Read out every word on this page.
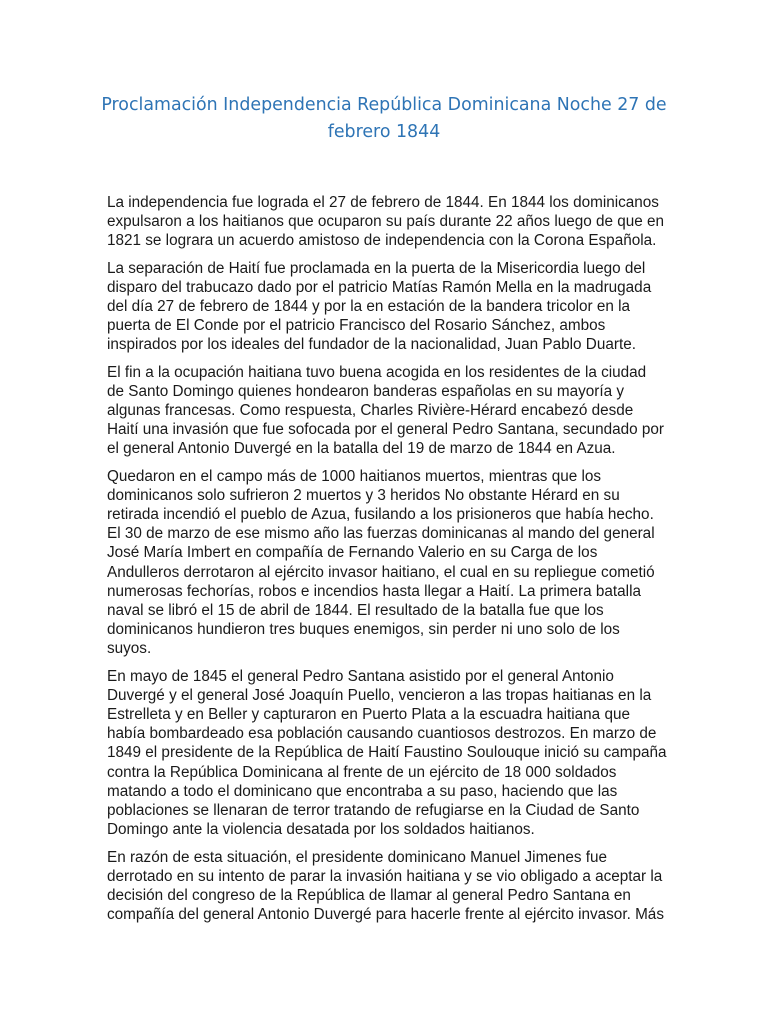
Proclamación Independencia República Dominicana Noche 27 de febrero 1844

La independencia fue lograda el 27 de febrero de 1844. En 1844 los dominicanos expulsaron a los haitianos que ocuparon su país durante 22 años luego de que en 1821 se lograra un acuerdo amistoso de independencia con la Corona Española.

La separación de Haití fue proclamada en la puerta de la Misericordia luego del disparo del trabucazo dado por el patricio Matías Ramón Mella en la madrugada del día 27 de febrero de 1844 y por la en estación de la bandera tricolor en la puerta de El Conde por el patricio Francisco del Rosario Sánchez, ambos inspirados por los ideales del fundador de la nacionalidad, Juan Pablo Duarte.

El fin a la ocupación haitiana tuvo buena acogida en los residentes de la ciudad de Santo Domingo quienes hondearon banderas españolas en su mayoría y algunas francesas. Como respuesta, Charles Rivière-Hérard encabezó desde Haití una invasión que fue sofocada por el general Pedro Santana, secundado por el general Antonio Duvergé en la batalla del 19 de marzo de 1844 en Azua.

Quedaron en el campo más de 1000 haitianos muertos, mientras que los dominicanos solo sufrieron 2 muertos y 3 heridos No obstante Hérard en su retirada incendió el pueblo de Azua, fusilando a los prisioneros que había hecho. El 30 de marzo de ese mismo año las fuerzas dominicanas al mando del general José María Imbert en compañía de Fernando Valerio en su Carga de los Andulleros derrotaron al ejército invasor haitiano, el cual en su repliegue cometió numerosas fechorías, robos e incendios hasta llegar a Haití. La primera batalla naval se libró el 15 de abril de 1844. El resultado de la batalla fue que los dominicanos hundieron tres buques enemigos, sin perder ni uno solo de los suyos.

En mayo de 1845 el general Pedro Santana asistido por el general Antonio Duvergé y el general José Joaquín Puello, vencieron a las tropas haitianas en la Estrelleta y en Beller y capturaron en Puerto Plata a la escuadra haitiana que había bombardeado esa población causando cuantiosos destrozos. En marzo de 1849 el presidente de la República de Haití Faustino Soulouque inició su campaña contra la República Dominicana al frente de un ejército de 18 000 soldados matando a todo el dominicano que encontraba a su paso, haciendo que las poblaciones se llenaran de terror tratando de refugiarse en la Ciudad de Santo Domingo ante la violencia desatada por los soldados haitianos.

En razón de esta situación, el presidente dominicano Manuel Jimenes fue derrotado en su intento de parar la invasión haitiana y se vio obligado a aceptar la decisión del congreso de la República de llamar al general Pedro Santana en compañía del general Antonio Duvergé para hacerle frente al ejército invasor. Más
